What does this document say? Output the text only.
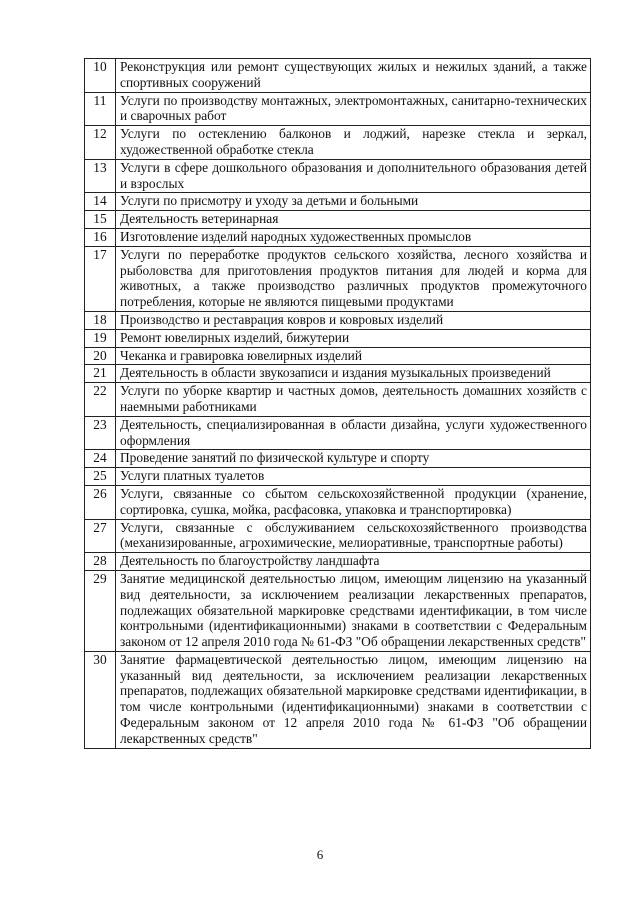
10	Реконструкция или ремонт существующих жилых и нежилых зданий, а также спортивных сооружений
11	Услуги по производству монтажных, электромонтажных, санитарно-технических и сварочных работ
12	Услуги по остеклению балконов и лоджий, нарезке стекла и зеркал, художественной обработке стекла
13	Услуги в сфере дошкольного образования и дополнительного образования детей и взрослых
14	Услуги по присмотру и уходу за детьми и больными
15	Деятельность ветеринарная
16	Изготовление изделий народных художественных промыслов
17	Услуги по переработке продуктов сельского хозяйства, лесного хозяйства и рыболовства для приготовления продуктов питания для людей и корма для животных, а также производство различных продуктов промежуточного потребления, которые не являются пищевыми продуктами
18	Производство и реставрация ковров и ковровых изделий
19	Ремонт ювелирных изделий, бижутерии
20	Чеканка и гравировка ювелирных изделий
21	Деятельность в области звукозаписи и издания музыкальных произведений
22	Услуги по уборке квартир и частных домов, деятельность домашних хозяйств с наемными работниками
23	Деятельность, специализированная в области дизайна, услуги художественного оформления
24	Проведение занятий по физической культуре и спорту
25	Услуги платных туалетов
26	Услуги, связанные со сбытом сельскохозяйственной продукции (хранение, сортировка, сушка, мойка, расфасовка, упаковка и транспортировка)
27	Услуги, связанные с обслуживанием сельскохозяйственного производства (механизированные, агрохимические, мелиоративные, транспортные работы)
28	Деятельность по благоустройству ландшафта
29	Занятие медицинской деятельностью лицом, имеющим лицензию на указанный вид деятельности, за исключением реализации лекарственных препаратов, подлежащих обязательной маркировке средствами идентификации, в том числе контрольными (идентификационными) знаками в соответствии с Федеральным законом от 12 апреля 2010 года № 61-ФЗ "Об обращении лекарственных средств"
30	Занятие фармацевтической деятельностью лицом, имеющим лицензию на указанный вид деятельности, за исключением реализации лекарственных препаратов, подлежащих обязательной маркировке средствами идентификации, в том числе контрольными (идентификационными) знаками в соответствии с Федеральным законом от 12 апреля 2010 года № 61-ФЗ "Об обращении лекарственных средств"
6
